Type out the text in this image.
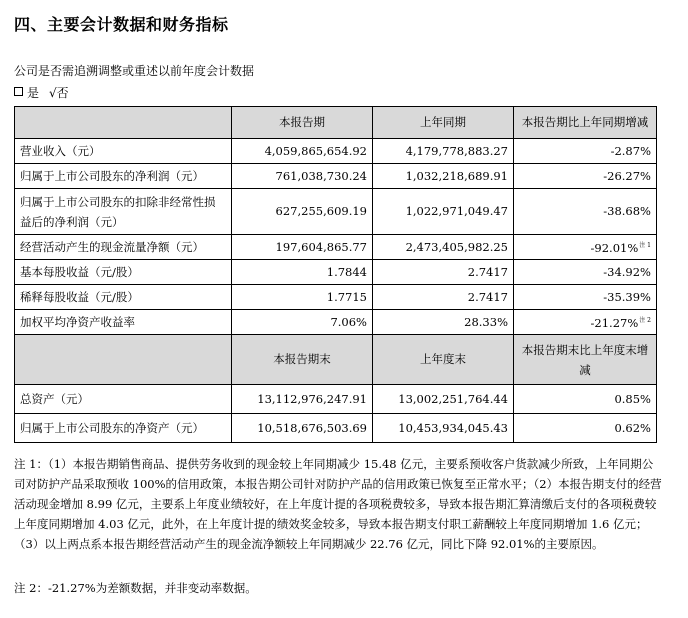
四、主要会计数据和财务指标
公司是否需追溯调整或重述以前年度会计数据
是 √否
	本报告期	上年同期	本报告期比上年同期增减
营业收入（元）	4,059,865,654.92	4,179,778,883.27	-2.87%
归属于上市公司股东的净利润（元）	761,038,730.24	1,032,218,689.91	-26.27%
归属于上市公司股东的扣除非经常性损益后的净利润（元）	627,255,609.19	1,022,971,049.47	-38.68%
经营活动产生的现金流量净额（元）	197,604,865.77	2,473,405,982.25	-92.01%$^{注 1}$
基本每股收益（元/股）	1.7844	2.7417	-34.92%
稀释每股收益（元/股）	1.7715	2.7417	-35.39%
加权平均净资产收益率	7.06%	28.33%	-21.27%$^{注 2}$
	本报告期末	上年度末	本报告期末比上年度末增减
总资产（元）	13,112,976,247.91	13,002,251,764.44	0.85%
归属于上市公司股东的净资产（元）	10,518,676,503.69	10,453,934,045.43	0.62%
注 1：（1）本报告期销售商品、提供劳务收到的现金较上年同期减少 15.48 亿元，主要系预收客户货款减少所致，上年同期公司对防护产品采取预收 100%的信用政策，本报告期公司针对防护产品的信用政策已恢复至正常水平；（2）本报告期支付的经营活动现金增加 8.99 亿元，主要系上年度业绩较好，在上年度计提的各项税费较多，导致本报告期汇算清缴后支付的各项税费较上年度同期增加 4.03 亿元，此外，在上年度计提的绩效奖金较多，导致本报告期支付职工薪酬较上年度同期增加 1.6 亿元；（3）以上两点系本报告期经营活动产生的现金流净额较上年同期减少 22.76 亿元，同比下降 92.01%的主要原因。
注 2：-21.27%为差额数据，并非变动率数据。
